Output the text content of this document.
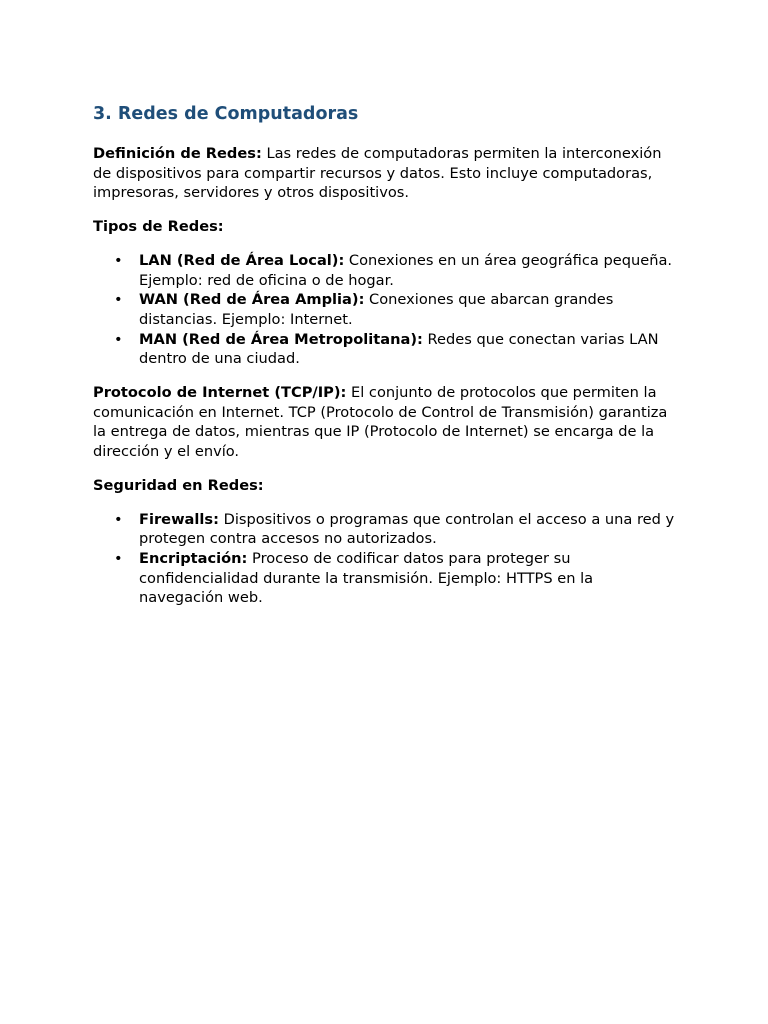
3. Redes de Computadoras

Definición de Redes: Las redes de computadoras permiten la interconexión de dispositivos para compartir recursos y datos. Esto incluye computadoras, impresoras, servidores y otros dispositivos.

Tipos de Redes:

• LAN (Red de Área Local): Conexiones en un área geográfica pequeña. Ejemplo: red de oficina o de hogar.
• WAN (Red de Área Amplia): Conexiones que abarcan grandes distancias. Ejemplo: Internet.
• MAN (Red de Área Metropolitana): Redes que conectan varias LAN dentro de una ciudad.

Protocolo de Internet (TCP/IP): El conjunto de protocolos que permiten la comunicación en Internet. TCP (Protocolo de Control de Transmisión) garantiza la entrega de datos, mientras que IP (Protocolo de Internet) se encarga de la dirección y el envío.

Seguridad en Redes:

• Firewalls: Dispositivos o programas que controlan el acceso a una red y protegen contra accesos no autorizados.
• Encriptación: Proceso de codificar datos para proteger su confidencialidad durante la transmisión. Ejemplo: HTTPS en la navegación web.
